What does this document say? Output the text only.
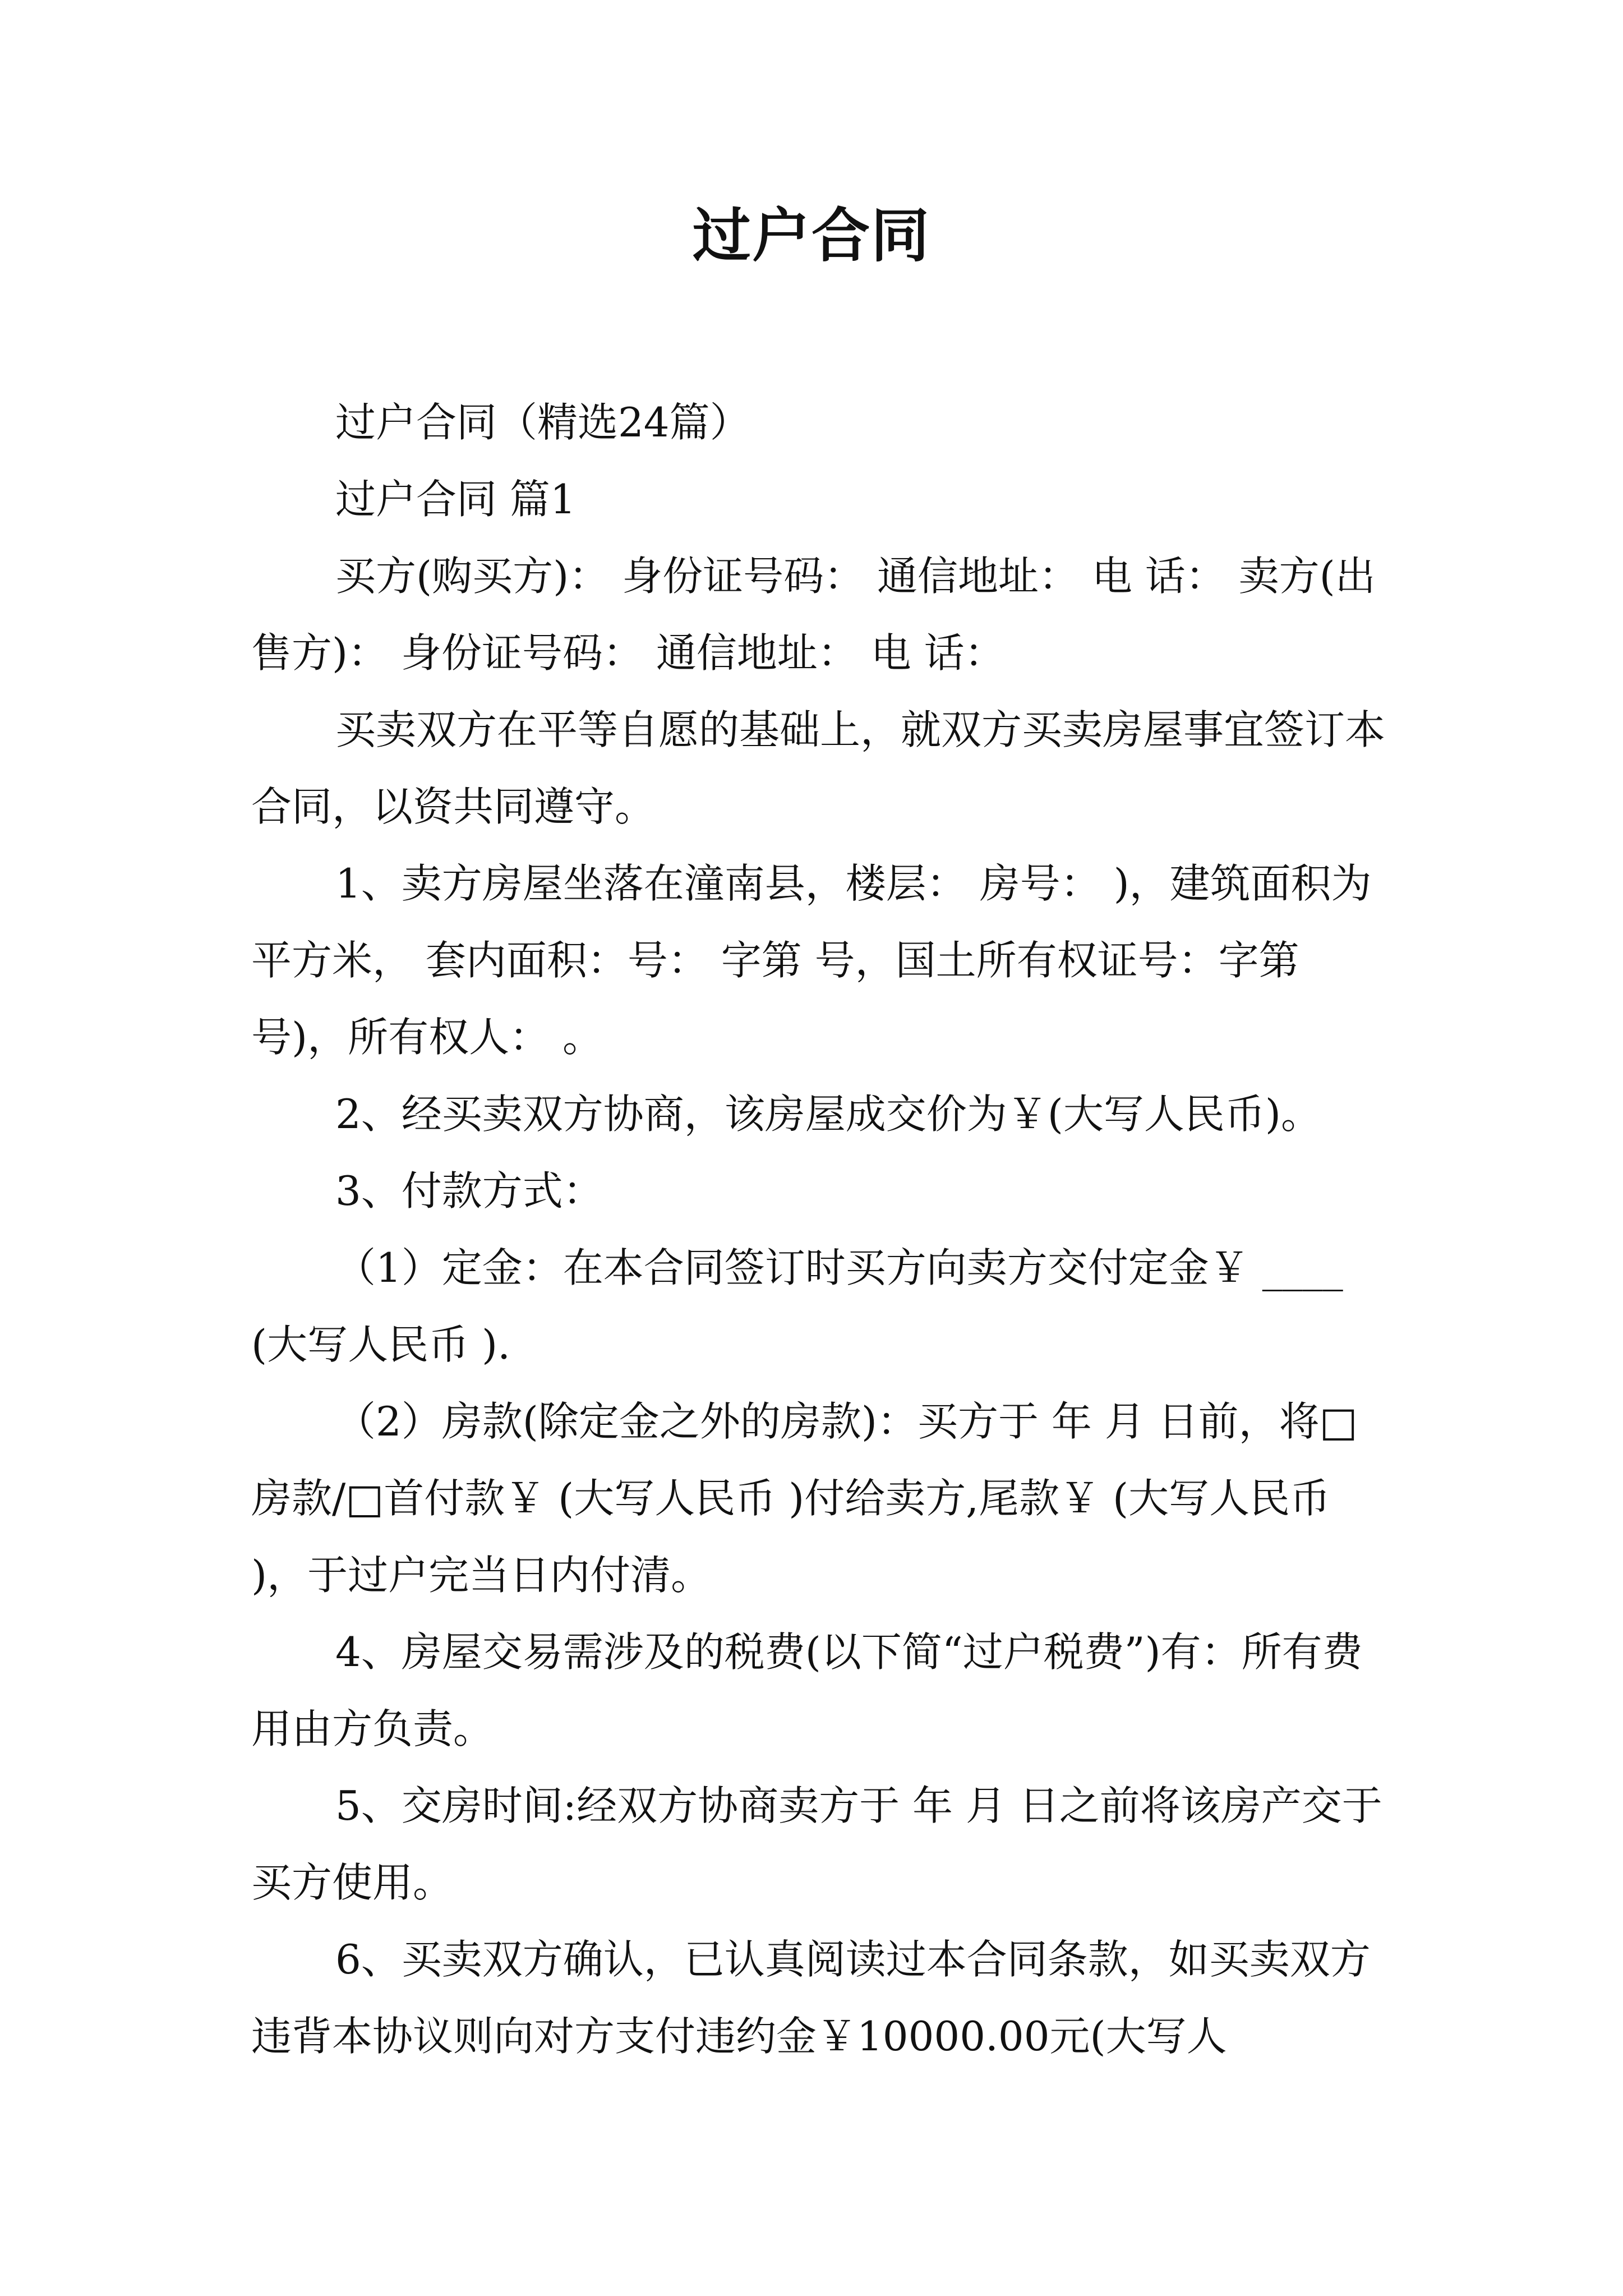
过户合同

过户合同（精选24篇）

过户合同 篇1

买方(购买方)： 身份证号码： 通信地址： 电 话： 卖方(出售方)： 身份证号码： 通信地址： 电 话：

买卖双方在平等自愿的基础上，就双方买卖房屋事宜签订本合同，以资共同遵守。

1、卖方房屋坐落在潼南县，楼层： 房号： )，建筑面积为 平方米， 套内面积：号： 字第 号，国土所有权证号：字第号)，所有权人： 。

2、经买卖双方协商，该房屋成交价为￥(大写人民币)。

3、付款方式：

（1）定金：在本合同签订时买方向卖方交付定金￥ ____(大写人民币 ).

（2）房款(除定金之外的房款)：买方于 年 月 日前，将□房款/□首付款￥ (大写人民币 )付给卖方,尾款￥ (大写人民币 )，于过户完当日内付清。

4、房屋交易需涉及的税费(以下简“过户税费”)有：所有费用由方负责。

5、交房时间:经双方协商卖方于 年 月 日之前将该房产交于买方使用。

6、买卖双方确认，已认真阅读过本合同条款，如买卖双方违背本协议则向对方支付违约金￥10000.00元(大写人
